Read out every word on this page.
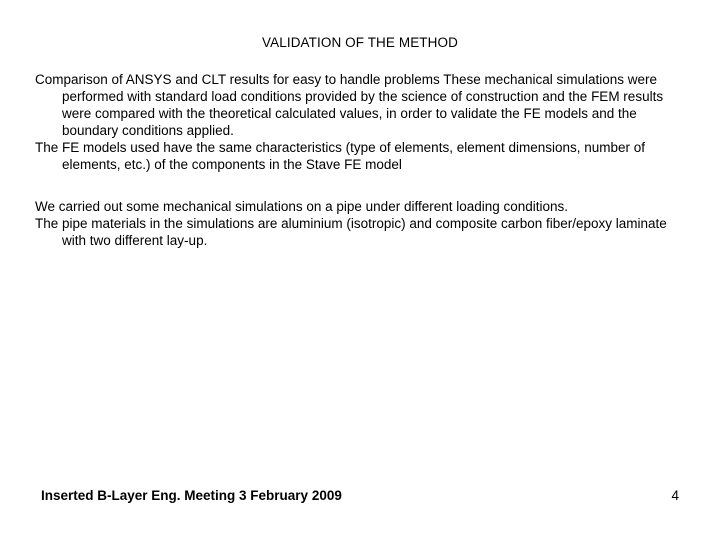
VALIDATION OF THE METHOD

Comparison of ANSYS and CLT results for easy to handle problems These mechanical simulations were performed with standard load conditions provided by the science of construction and the FEM results were compared with the theoretical calculated values, in order to validate the FE models and the boundary conditions applied.

The FE models used have the same characteristics (type of elements, element dimensions, number of elements, etc.) of the components in the Stave FE model

We carried out some mechanical simulations on a pipe under different loading conditions.

The pipe materials in the simulations are aluminium (isotropic) and composite carbon fiber/epoxy laminate with two different lay-up.

Inserted B-Layer Eng. Meeting 3 February 2009	4
